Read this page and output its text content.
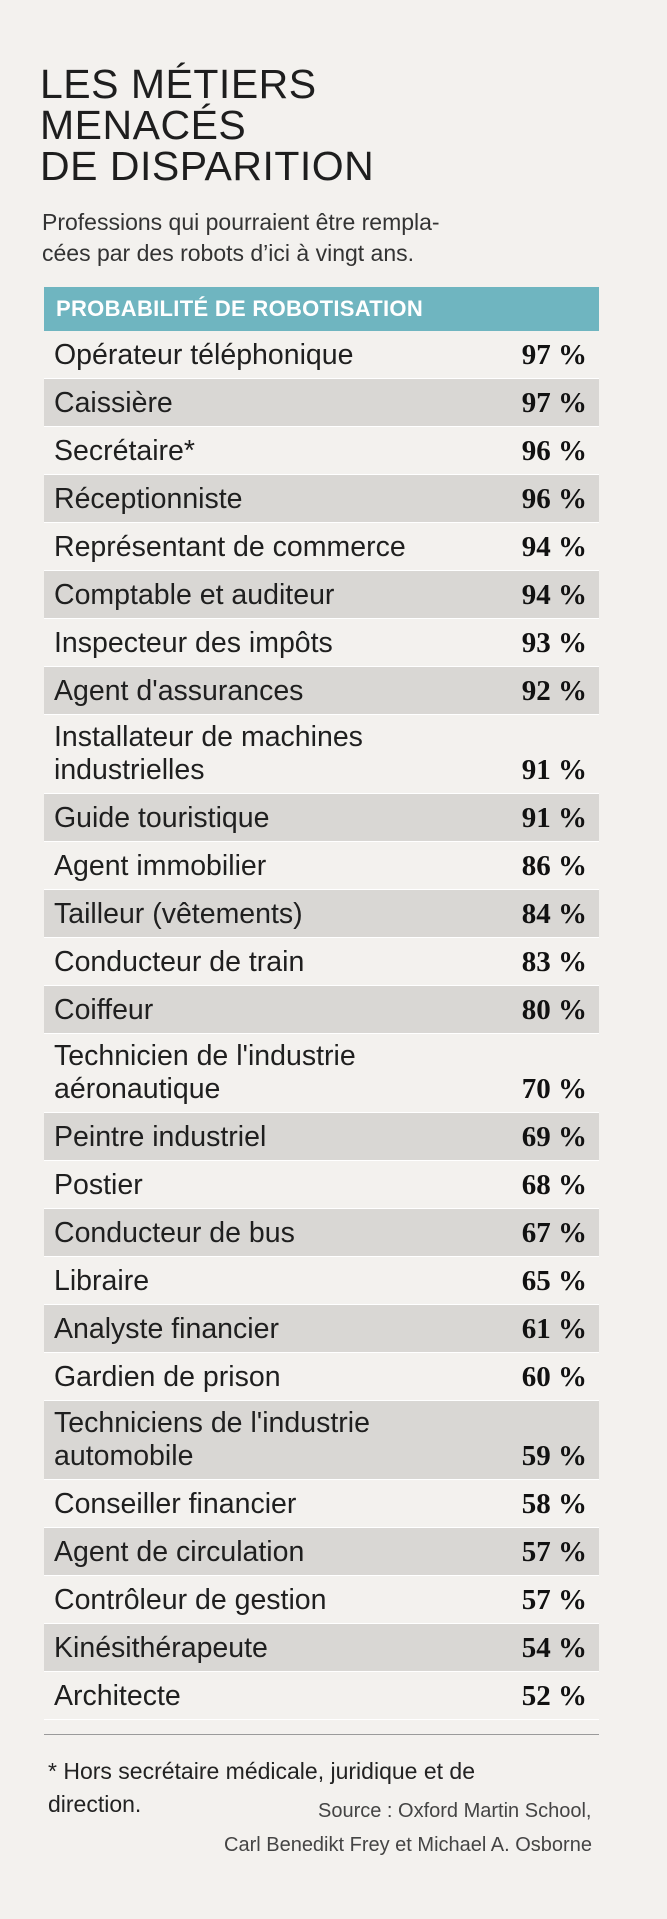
LES MÉTIERS
MENACÉS
DE DISPARITION
Professions qui pourraient être rempla-
cées par des robots d’ici à vingt ans.
PROBABILITÉ DE ROBOTISATION
Opérateur téléphonique	97 %
Caissière	97 %
Secrétaire*	96 %
Réceptionniste	96 %
Représentant de commerce	94 %
Comptable et auditeur	94 %
Inspecteur des impôts	93 %
Agent d'assurances	92 %
Installateur de machines
industrielles	91 %
Guide touristique	91 %
Agent immobilier	86 %
Tailleur (vêtements)	84 %
Conducteur de train	83 %
Coiffeur	80 %
Technicien de l'industrie
aéronautique	70 %
Peintre industriel	69 %
Postier	68 %
Conducteur de bus	67 %
Libraire	65 %
Analyste financier	61 %
Gardien de prison	60 %
Techniciens de l'industrie
automobile	59 %
Conseiller financier	58 %
Agent de circulation	57 %
Contrôleur de gestion	57 %
Kinésithérapeute	54 %
Architecte	52 %
* Hors secrétaire médicale, juridique et de
direction.	Source : Oxford Martin School,
Carl Benedikt Frey et Michael A. Osborne
